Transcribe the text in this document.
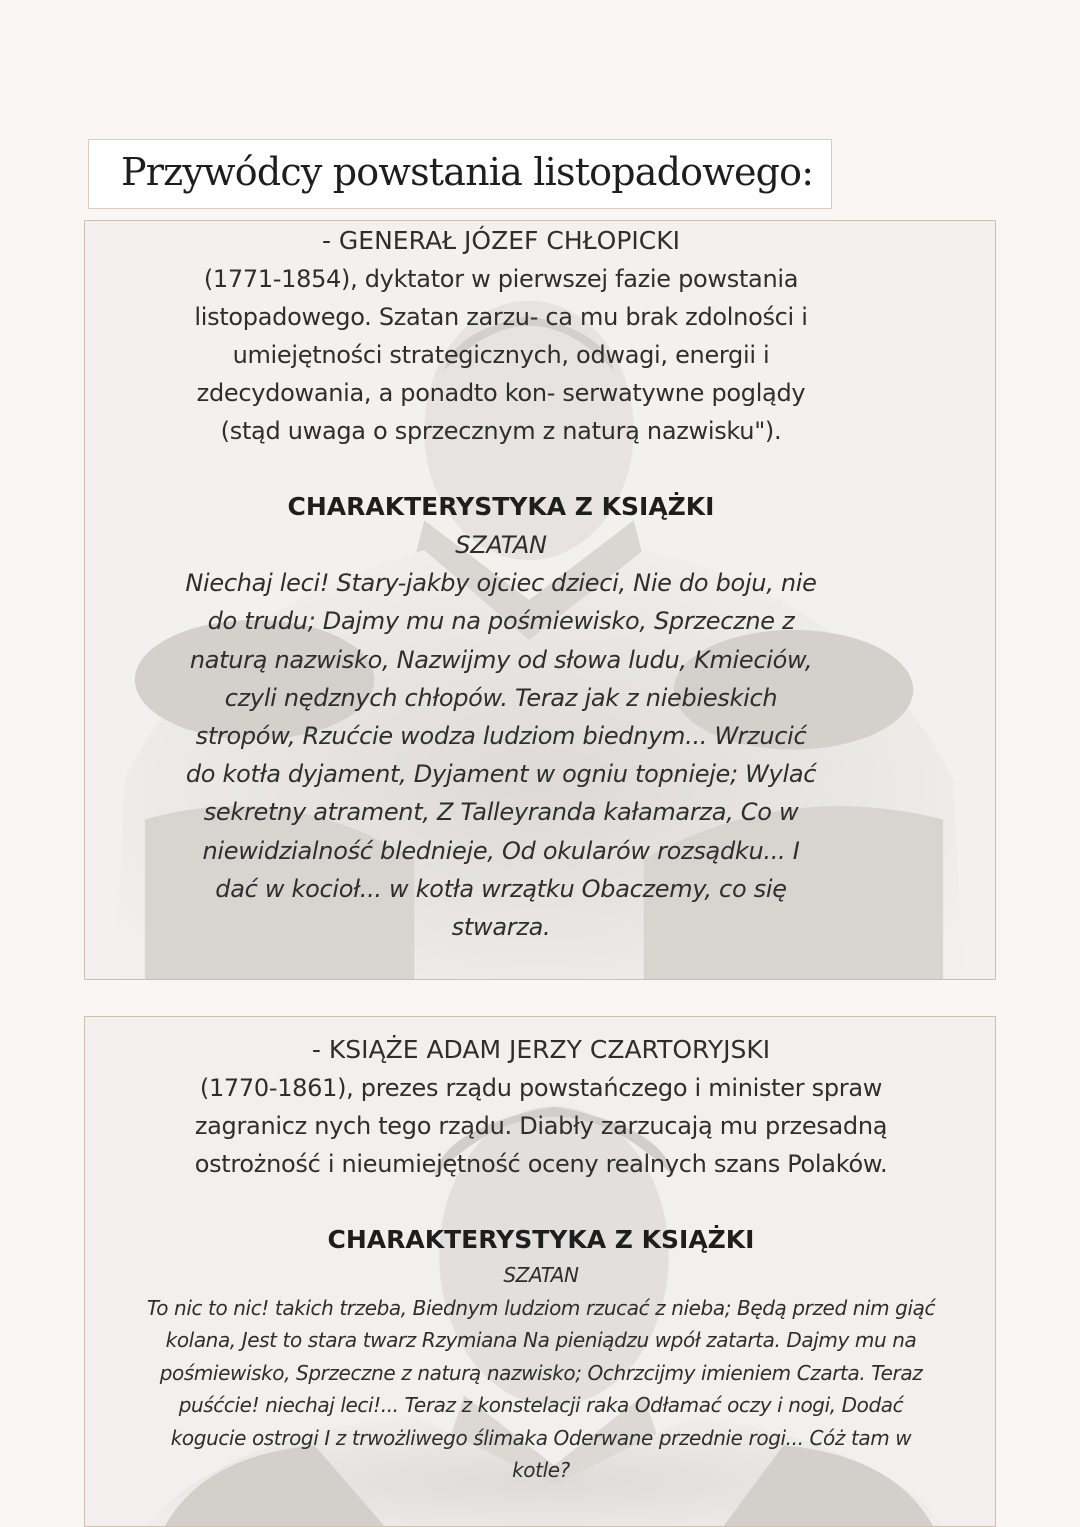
Przywódcy powstania listopadowego:
- GENERAŁ JÓZEF CHŁOPICKI
(1771-1854), dyktator w pierwszej fazie powstania listopadowego. Szatan zarzu- ca mu brak zdolności i umiejętności strategicznych, odwagi, energii i zdecydowania, a ponadto kon- serwatywne poglądy (stąd uwaga o sprzecznym z naturą nazwisku").
CHARAKTERYSTYKA Z KSIĄŻKI
SZATAN
Niechaj leci! Stary-jakby ojciec dzieci, Nie do boju, nie do trudu; Dajmy mu na pośmiewisko, Sprzeczne z naturą nazwisko, Nazwijmy od słowa ludu, Kmieciów, czyli nędznych chłopów. Teraz jak z niebieskich stropów, Rzućcie wodza ludziom biednym... Wrzucić do kotła dyjament, Dyjament w ogniu topnieje; Wylać sekretny atrament, Z Talleyranda kałamarza, Co w niewidzialność blednieje, Od okularów rozsądku... I dać w kocioł... w kotła wrzątku Obaczemy, co się stwarza.
- KSIĄŻE ADAM JERZY CZARTORYJSKI
(1770-1861), prezes rządu powstańczego i minister spraw zagranicz nych tego rządu. Diabły zarzucają mu przesadną ostrożność i nieumiejętność oceny realnych szans Polaków.
CHARAKTERYSTYKA Z KSIĄŻKI
SZATAN
To nic to nic! takich trzeba, Biednym ludziom rzucać z nieba; Będą przed nim giąć kolana, Jest to stara twarz Rzymiana Na pieniądzu wpół zatarta. Dajmy mu na pośmiewisko, Sprzeczne z naturą nazwisko; Ochrzcijmy imieniem Czarta. Teraz puśćcie! niechaj leci!... Teraz z konstelacji raka Odłamać oczy i nogi, Dodać kogucie ostrogi I z trwożliwego ślimaka Oderwane przednie rogi... Cóż tam w kotle?
